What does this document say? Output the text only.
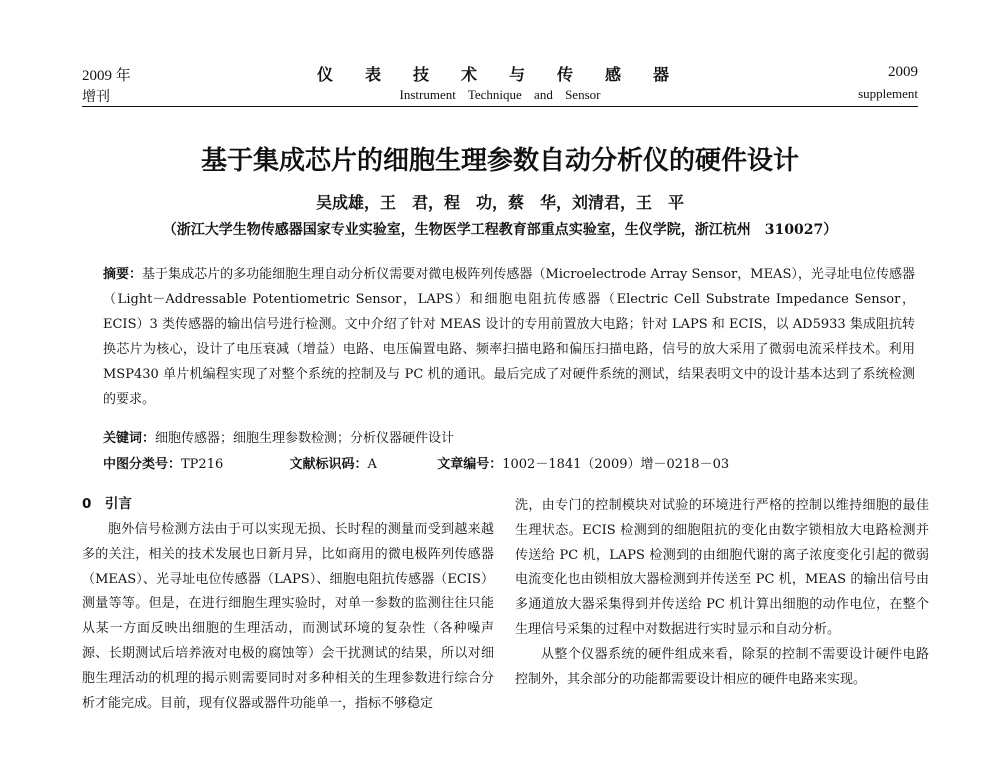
2009 年
增刊
仪 表 技 术 与 传 感 器
Instrument Technique and Sensor
2009
supplement
基于集成芯片的细胞生理参数自动分析仪的硬件设计
吴成雄，王　君，程　功，蔡　华，刘清君，王　平
（浙江大学生物传感器国家专业实验室，生物医学工程教育部重点实验室，生仪学院，浙江杭州　310027）
摘要：基于集成芯片的多功能细胞生理自动分析仪需要对微电极阵列传感器（Microelectrode Array Sensor，MEAS），光寻址电位传感器（Light－Addressable Potentiometric Sensor，LAPS）和细胞电阻抗传感器（Electric Cell Substrate Impedance Sensor，ECIS）3 类传感器的输出信号进行检测。文中介绍了针对 MEAS 设计的专用前置放大电路；针对 LAPS 和 ECIS，以 AD5933 集成阻抗转换芯片为核心，设计了电压衰减（增益）电路、电压偏置电路、频率扫描电路和偏压扫描电路，信号的放大采用了微弱电流采样技术。利用 MSP430 单片机编程实现了对整个系统的控制及与 PC 机的通讯。最后完成了对硬件系统的测试，结果表明文中的设计基本达到了系统检测的要求。
关键词：细胞传感器；细胞生理参数检测；分析仪器硬件设计
中图分类号：TP216	文献标识码：A	文章编号：1002－1841（2009）增－0218－03
0　引言

胞外信号检测方法由于可以实现无损、长时程的测量而受到越来越多的关注，相关的技术发展也日新月异，比如商用的微电极阵列传感器（MEAS）、光寻址电位传感器（LAPS）、细胞电阻抗传感器（ECIS）测量等等。但是，在进行细胞生理实验时，对单一参数的监测往往只能从某一方面反映出细胞的生理活动，而测试环境的复杂性（各种噪声源、长期测试后培养液对电极的腐蚀等）会干扰测试的结果，所以对细胞生理活动的机理的揭示则需要同时对多种相关的生理参数进行综合分析才能完成。目前，现有仪器或器件功能单一，指标不够稳定

洗，由专门的控制模块对试验的环境进行严格的控制以维持细胞的最佳生理状态。ECIS 检测到的细胞阻抗的变化由数字锁相放大电路检测并传送给 PC 机，LAPS 检测到的由细胞代谢的离子浓度变化引起的微弱电流变化也由锁相放大器检测到并传送至 PC 机，MEAS 的输出信号由多通道放大器采集得到并传送给 PC 机计算出细胞的动作电位，在整个生理信号采集的过程中对数据进行实时显示和自动分析。

从整个仪器系统的硬件组成来看，除泵的控制不需要设计硬件电路控制外，其余部分的功能都需要设计相应的硬件电路来实现。
